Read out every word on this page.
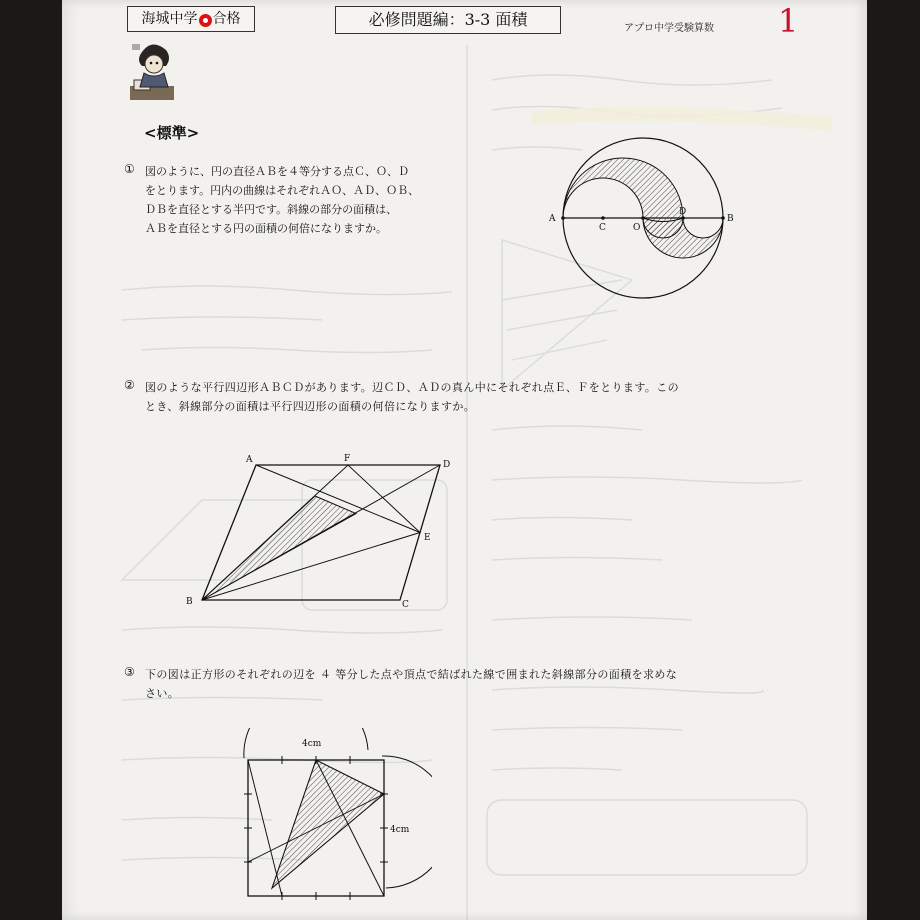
海城中学 合格	必修問題編：3-3 面積	アプロ中学受験算数 1
<標準>
① 図のように、円の直径ＡＢを４等分する点Ｃ、Ｏ、Ｄ
をとります。円内の曲線はそれぞれＡＯ、ＡＤ、ＯＢ、
ＤＢを直径とする半円です。斜線の部分の面積は、
ＡＢを直径とする円の面積の何倍になりますか。
A
C	O
D
B
② 図のような平行四辺形ＡＢＣＤがあります。辺ＣＤ、ＡＤの真ん中にそれぞれ点Ｅ、Ｆをとります。この
とき、斜線部分の面積は平行四辺形の面積の何倍になりますか。
A	F
D
E
B	C
③ 下の図は正方形のそれぞれの辺を ４ 等分した点や頂点で結ばれた線で囲まれた斜線部分の面積を求めな
さい。
4cm
4cm
